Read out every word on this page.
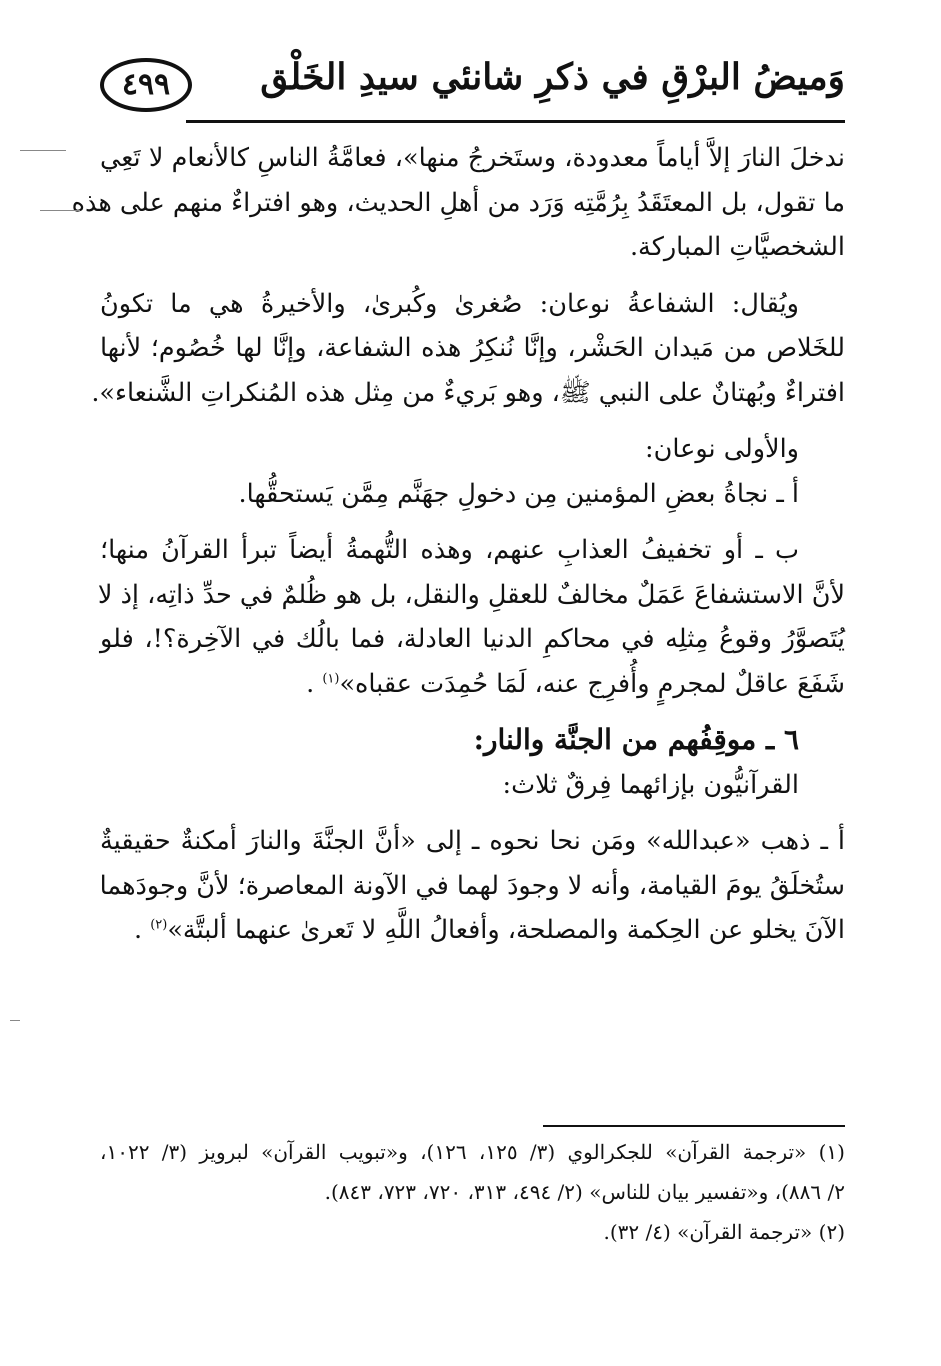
٤٩٩	وَميضُ البرْقِ في ذكرِ شانئي سيدِ الخَلْق
ندخلَ النارَ إلاَّ أياماً معدودة، وستَخرجُ منها»، فعامَّةُ الناسِ كالأنعام لا تَعِي
ما تقول، بل المعتَقَدُ بِرُمَّتِه وَرَد من أهلِ الحديث، وهو افتراءٌ منهم على هذه
الشخصيَّاتِ المباركة.
ويُقال: الشفاعةُ نوعان: صُغرىٰ وكُبرىٰ، والأخيرةُ هي ما تكونُ
للخَلاص من مَيدان الحَشْر، وإنَّا نُنكِرُ هذه الشفاعة، وإنَّا لها خُصُوم؛ لأنها
افتراءٌ وبُهتانٌ على النبي ﷺ، وهو بَريءٌ من مِثل هذه المُنكراتِ الشَّنعاء».
والأولى نوعان:
أ ـ نجاةُ بعضِ المؤمنين مِن دخولِ جهَنَّم مِمَّن يَستحقُّها.
ب ـ أو تخفيفُ العذابِ عنهم، وهذه التُّهمةُ أيضاً تبرأ القرآنُ منها؛
لأنَّ الاستشفاعَ عَمَلٌ مخالفٌ للعقلِ والنقل، بل هو ظُلمٌ في حدِّ ذاتِه، إذ لا
يُتَصوَّرُ وقوعُ مِثلِه في محاكمِ الدنيا العادلة، فما بالُك في الآخِرة؟!، فلو
شَفَعَ عاقلٌ لمجرمٍ وأُفرِج عنه، لَمَا حُمِدَت عقباه»$^{(١)}$ .
٦ ـ موقِفُهم من الجنَّة والنار:
القرآنيُّون بإزائهما فِرقٌ ثلاث:
أ ـ ذهب «عبدالله» ومَن نحا نحوه ـ إلى «أنَّ الجنَّةَ والنارَ أمكنةٌ حقيقيةٌ
ستُخلَقُ يومَ القيامة، وأنه لا وجودَ لهما في الآونة المعاصرة؛ لأنَّ وجودَهما
الآنَ يخلو عن الحِكمة والمصلحة، وأفعالُ اللَّهِ لا تَعرىٰ عنهما ألبتَّة»$^{(٢)}$ .
(١) «ترجمة القرآن» للجكرالوي (٣/ ١٢٥، ١٢٦)، و«تبويب القرآن» لبرويز (٣/ ١٠٢٢،
٢/ ٨٨٦)، و«تفسير بيان للناس» (٢/ ٤٩٤، ٣١٣، ٧٢٠، ٧٢٣، ٨٤٣).
(٢) «ترجمة القرآن» (٤/ ٣٢).
